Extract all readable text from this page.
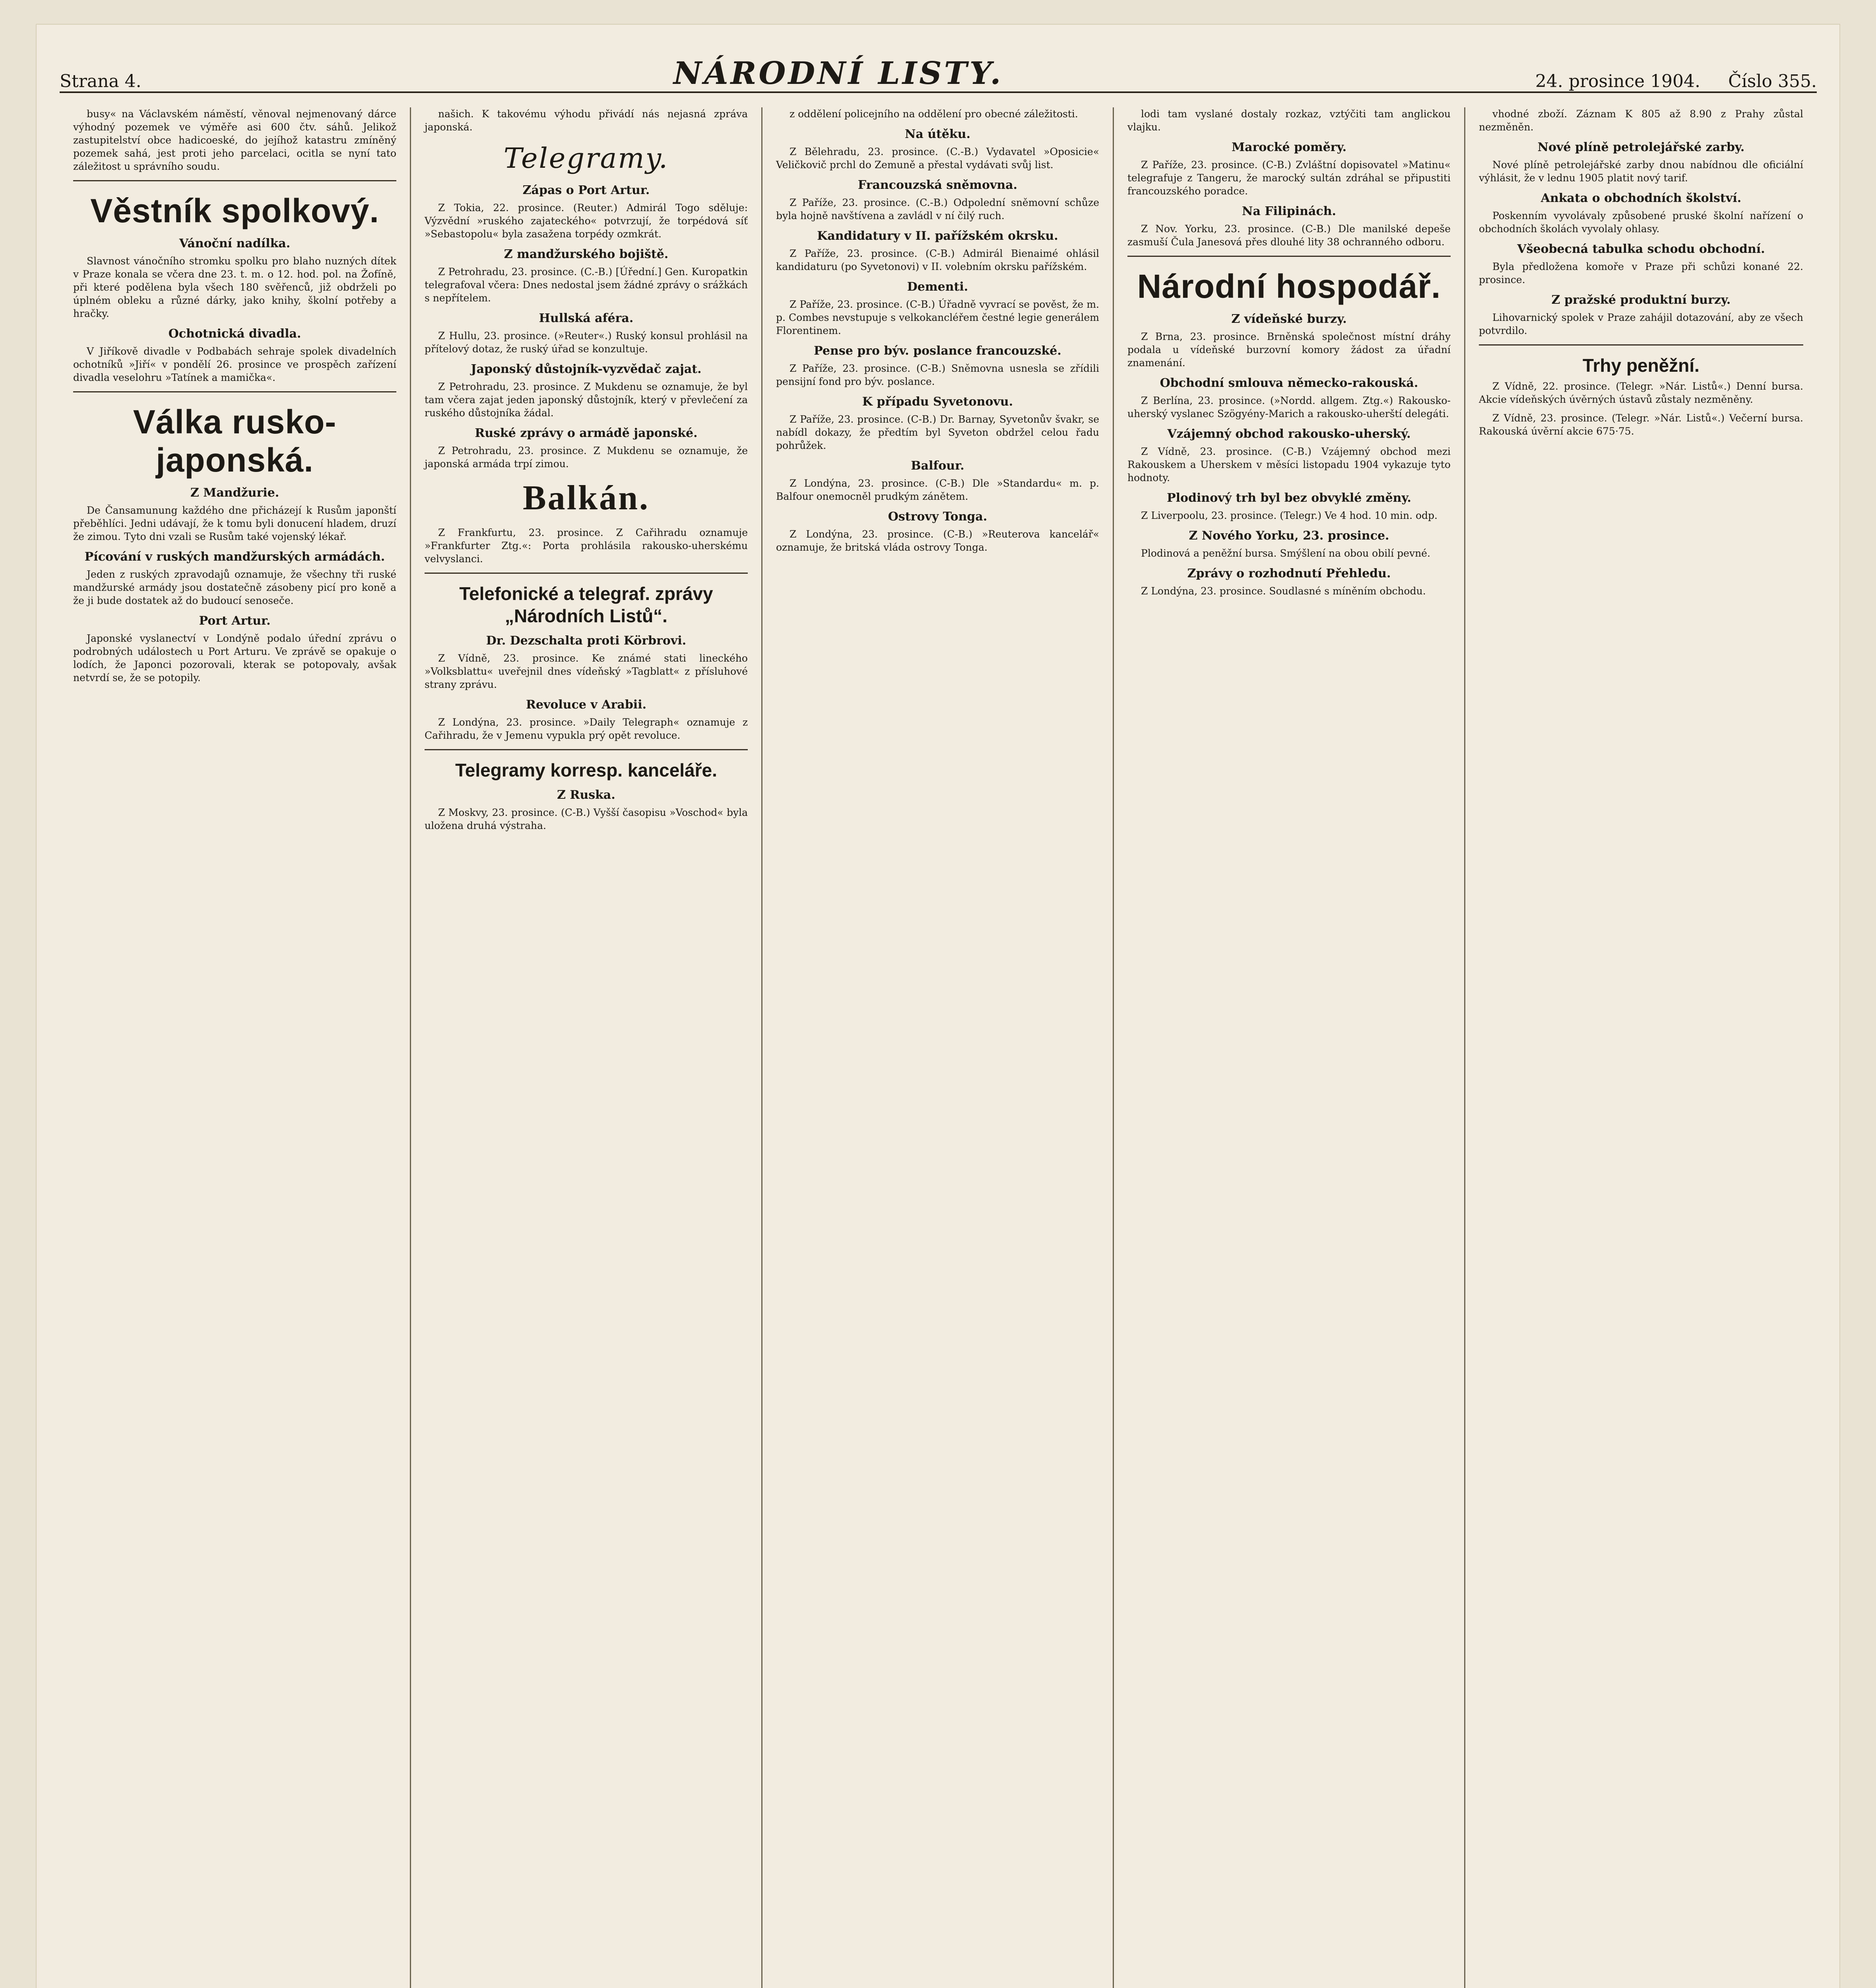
Strana 4.	NÁRODNÍ LISTY.	24. prosince 1904. Číslo 355.

busy« na Václavském náměstí, věnoval nejmenovaný dárce výhodný pozemek ve výměře asi 600 čtv. sáhů. Jelikož zastupitelství obce hadicoeské, do jejíhož katastru zmíněný pozemek sahá, jest proti jeho parcelaci, ocitla se nyní tato záležitost u správního soudu.

Věstník spolkový.
Vánoční nadílka.

Slavnost vánočního stromku spolku pro blaho nuzných dítek v Praze konala se včera dne 23. t. m. o 12. hod. pol. na Žofíně, při které podělena byla všech 180 svěřenců, již obdrželi po úplném obleku a různé dárky, jako knihy, školní potřeby a hračky.

Ochotnická divadla.

V Jiříkově divadle v Podbabách sehraje spolek divadelních ochotníků »Jiří« v pondělí 26. prosince ve prospěch zařízení divadla veselohru »Tatínek a mamička«.

Válka rusko-japonská.
Z Mandžurie.

De Čansamunung každého dne přicházejí k Rusům japonští přeběhlíci. Jedni udávají, že k tomu byli donucení hladem, druzí že zimou. Tyto dni vzali se Rusům také vojenský lékař.

Pícování v ruských mandžurských armádách.

Jeden z ruských zpravodajů oznamuje, že všechny tři ruské mandžurské armády jsou dostatečně zásobeny picí pro koně a že ji bude dostatek až do budoucí senoseče.

Port Artur.

Japonské vyslanectví v Londýně podalo úřední zprávu o podrobných událostech u Port Arturu. Ve zprávě se opakuje o lodích, že Japonci pozorovali, kterak se potopovaly, avšak netvrdí se, že se potopily.

našich. K takovému výhodu přivádí nás nejasná zpráva japonská.

Telegramy.
Zápas o Port Artur.

Z Tokia, 22. prosince. (Reuter.) Admirál Togo sděluje: Výzvědní »ruského zajateckého« potvrzují, že torpédová síť »Sebastopolu« byla zasažena torpédy ozmkrát.

Z mandžurského bojiště.

Z Petrohradu, 23. prosince. (C.-B.) [Úřední.] Gen. Kuropatkin telegrafoval včera: Dnes nedostal jsem žádné zprávy o srážkách s nepřítelem.

Hullská aféra.

Z Hullu, 23. prosince. (»Reuter«.) Ruský konsul prohlásil na přítelový dotaz, že ruský úřad se konzultuje.

Japonský důstojník-vyzvědač zajat.

Z Petrohradu, 23. prosince. Z Mukdenu se oznamuje, že byl tam včera zajat jeden japonský důstojník, který v převlečení za ruského důstojníka žádal.

Ruské zprávy o armádě japonské.

Z Petrohradu, 23. prosince. Z Mukdenu se oznamuje, že japonská armáda trpí zimou.

Balkán.

Z Frankfurtu, 23. prosince. Z Cařihradu oznamuje »Frankfurter Ztg.«: Porta prohlásila rakousko-uherskému velvyslanci.

Telefonické a telegraf. zprávy „Národních Listů“.
Dr. Dezschalta proti Körbrovi.

Z Vídně, 23. prosince. Ke známé stati lineckého »Volksblattu« uveřejnil dnes vídeňský »Tagblatt« z přísluhové strany zprávu.

Revoluce v Arabii.

Z Londýna, 23. prosince. »Daily Telegraph« oznamuje z Cařihradu, že v Jemenu vypukla prý opět revoluce.

Telegramy korresp. kanceláře.
Z Ruska.

Z Moskvy, 23. prosince. (C-B.) Vyšší časopisu »Voschod« byla uložena druhá výstraha.

z oddělení policejního na oddělení pro obecné záležitosti.

Na útěku.

Z Bělehradu, 23. prosince. (C.-B.) Vydavatel »Oposicie« Veličkovič prchl do Zemuně a přestal vydávati svůj list.

Francouzská sněmovna.

Z Paříže, 23. prosince. (C.-B.) Odpolední sněmovní schůze byla hojně navštívena a zavládl v ní čilý ruch.

Kandidatury v II. pařížském okrsku.

Z Paříže, 23. prosince. (C-B.) Admirál Bienaimé ohlásil kandidaturu (po Syvetonovi) v II. volebním okrsku pařížském.

Dementi.

Z Paříže, 23. prosince. (C-B.) Úřadně vyvrací se pověst, že m. p. Combes nevstupuje s velkokancléřem čestné legie generálem Florentinem.

Pense pro býv. poslance francouzské.

Z Paříže, 23. prosince. (C-B.) Sněmovna usnesla se zřídili pensijní fond pro býv. poslance.

K případu Syvetonovu.

Z Paříže, 23. prosince. (C-B.) Dr. Barnay, Syvetonův švakr, se nabídl dokazy, že předtím byl Syveton obdržel celou řadu pohrůžek.

Balfour.

Z Londýna, 23. prosince. (C-B.) Dle »Standardu« m. p. Balfour onemocněl prudkým zánětem.

Ostrovy Tonga.

Z Londýna, 23. prosince. (C-B.) »Reuterova kancelář« oznamuje, že britská vláda ostrovy Tonga.

lodi tam vyslané dostaly rozkaz, vztýčiti tam anglickou vlajku.

Marocké poměry.

Z Paříže, 23. prosince. (C-B.) Zvláštní dopisovatel »Matinu« telegrafuje z Tangeru, že marocký sultán zdráhal se připustiti francouzského poradce.

Na Filipinách.

Z Nov. Yorku, 23. prosince. (C-B.) Dle manilské depeše zasmuší Čula Janesová přes dlouhé lity 38 ochranného odboru.

Národní hospodář.
Z vídeňské burzy.

Z Brna, 23. prosince. Brněnská společnost místní dráhy podala u vídeňské burzovní komory žádost za úřadní znamenání.

Obchodní smlouva německo-rakouská.

Z Berlína, 23. prosince. (»Nordd. allgem. Ztg.«) Rakousko-uherský vyslanec Szögyény-Marich a rakousko-uherští delegáti.

Vzájemný obchod rakousko-uherský.

Z Vídně, 23. prosince. (C-B.) Vzájemný obchod mezi Rakouskem a Uherskem v měsíci listopadu 1904 vykazuje tyto hodnoty.

Plodinový trh byl bez obvyklé změny.

Z Liverpoolu, 23. prosince. (Telegr.) Ve 4 hod. 10 min. odp.

Z Nového Yorku, 23. prosince.

Plodinová a peněžní bursa. Smýšlení na obou obilí pevné.

Zprávy o rozhodnutí Přehledu.

Z Londýna, 23. prosince. Soudlasné s míněním obchodu.

vhodné zboží. Záznam K 805 až 8.90 z Prahy zůstal nezměněn.

Nové plíně petrolejářské zarby.

Nové plíně petrolejářské zarby dnou nabídnou dle oficiální výhlásit, že v lednu 1905 platit nový tarif.

Ankata o obchodních školství.

Poskenním vyvolávaly způsobené pruské školní nařízení o obchodních školách vyvolaly ohlasy.

Všeobecná tabulka schodu obchodní.

Byla předložena komoře v Praze při schůzi konané 22. prosince.

Z pražské produktní burzy.

Lihovarnický spolek v Praze zahájil dotazování, aby ze všech potvrdilo.

Trhy peněžní.

Z Vídně, 22. prosince. (Telegr. »Nár. Listů«.) Denní bursa. Akcie vídeňských úvěrných ústavů zůstaly nezměněny.

Z Vídně, 23. prosince. (Telegr. »Nár. Listů«.) Večerní bursa. Rakouská úvěrní akcie 675·75.
